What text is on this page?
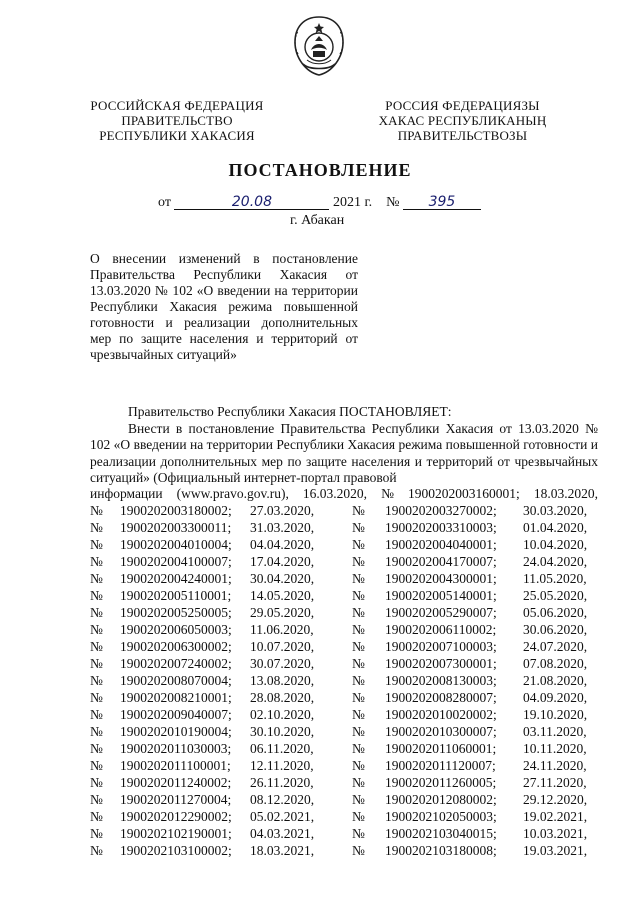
РОССИЙСКАЯ ФЕДЕРАЦИЯ
ПРАВИТЕЛЬСТВО
РЕСПУБЛИКИ ХАКАСИЯ
РОССИЯ ФЕДЕРАЦИЯЗЫ
ХАКАС РЕСПУБЛИКАНЫҢ
ПРАВИТЕЛЬСТВОЗЫ
ПОСТАНОВЛЕНИЕ
от	20.08	2021 г. № 395
г. Абакан
О внесении изменений в постановление Правительства Республики Хакасия от 13.03.2020 № 102 «О введении на территории Республики Хакасия режима повышенной готовности и реализации дополнительных мер по защите населения и территорий от чрезвычайных ситуаций»
Правительство Республики Хакасия ПОСТАНОВЛЯЕТ:

Внести в постановление Правительства Республики Хакасия от 13.03.2020 № 102 «О введении на территории Республики Хакасия режима повышенной готовности и реализации дополнительных мер по защите населения и территорий от чрезвычайных ситуаций» (Официальный интернет-портал правовой

информации (www.pravo.gov.ru), 16.03.2020, № 1900202003160001; 18.03.2020,
№ 1900202003180002; 27.03.2020,	№ 1900202003270002; 30.03.2020,
№ 1900202003300011; 31.03.2020,	№ 1900202003310003; 01.04.2020,
№ 1900202004010004; 04.04.2020,	№ 1900202004040001; 10.04.2020,
№ 1900202004100007; 17.04.2020,	№ 1900202004170007; 24.04.2020,
№ 1900202004240001; 30.04.2020,	№ 1900202004300001; 11.05.2020,
№ 1900202005110001; 14.05.2020,	№ 1900202005140001; 25.05.2020,
№ 1900202005250005; 29.05.2020,	№ 1900202005290007; 05.06.2020,
№ 1900202006050003; 11.06.2020,	№ 1900202006110002; 30.06.2020,
№ 1900202006300002; 10.07.2020,	№ 1900202007100003; 24.07.2020,
№ 1900202007240002; 30.07.2020,	№ 1900202007300001; 07.08.2020,
№ 1900202008070004; 13.08.2020,	№ 1900202008130003; 21.08.2020,
№ 1900202008210001; 28.08.2020,	№ 1900202008280007; 04.09.2020,
№ 1900202009040007; 02.10.2020,	№ 1900202010020002; 19.10.2020,
№ 1900202010190004; 30.10.2020,	№ 1900202010300007; 03.11.2020,
№ 1900202011030003; 06.11.2020,	№ 1900202011060001; 10.11.2020,
№ 1900202011100001; 12.11.2020,	№ 1900202011120007; 24.11.2020,
№ 1900202011240002; 26.11.2020,	№ 1900202011260005; 27.11.2020,
№ 1900202011270004; 08.12.2020,	№ 1900202012080002; 29.12.2020,
№ 1900202012290002; 05.02.2021,	№ 1900202102050003; 19.02.2021,
№ 1900202102190001; 04.03.2021,	№ 1900202103040015; 10.03.2021,
№ 1900202103100002; 18.03.2021,	№ 1900202103180008; 19.03.2021,
